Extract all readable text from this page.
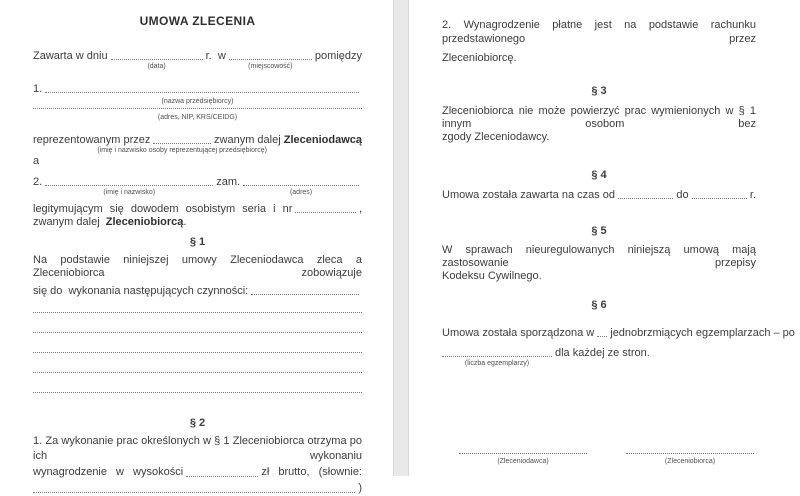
UMOWA ZLECENIA
Zawarta w dniu
(data)
r.  w
(miejscowość)
pomiędzy
1.
(nazwa przedsiębiorcy)
(adres, NIP, KRS/CEIDG)
reprezentowanym przez
(imię i nazwisko osoby reprezentującej przedsiębiorcę)
zwanym dalej
Zleceniodawcą
a
2.
(imię i nazwisko)
zam.
(adres)
legitymującym się dowodem osobistym seria i nr	,
zwanym dalej Zleceniobiorcą.
§ 1
Na podstawie niniejszej umowy Zleceniodawca zleca a Zleceniobiorca zobowiązuje
się do  wykonania następujących czynności:
§ 2
1. Za wykonanie prac określonych w § 1 Zleceniobiorca otrzyma po ich wykonaniu
wynagrodzenie w wysokości	zł brutto, (słownie:
)
2. Wynagrodzenie płatne jest na podstawie rachunku przedstawionego przez
Zleceniobiorcę.
§ 3
Zleceniobiorca nie może powierzyć prac wymienionych w § 1 innym osobom bez
zgody Zleceniodawcy.
§ 4
Umowa została zawarta na czas od	do	r.
§ 5
W sprawach nieuregulowanych niniejszą umową mają zastosowanie przepisy
Kodeksu Cywilnego.
§ 6
Umowa została sporządzona w jednobrzmiących egzemplarzach – po
(liczba egzemplarzy)
dla każdej ze stron.
(Zleceniodawca)	(Zleceniobiorca)
